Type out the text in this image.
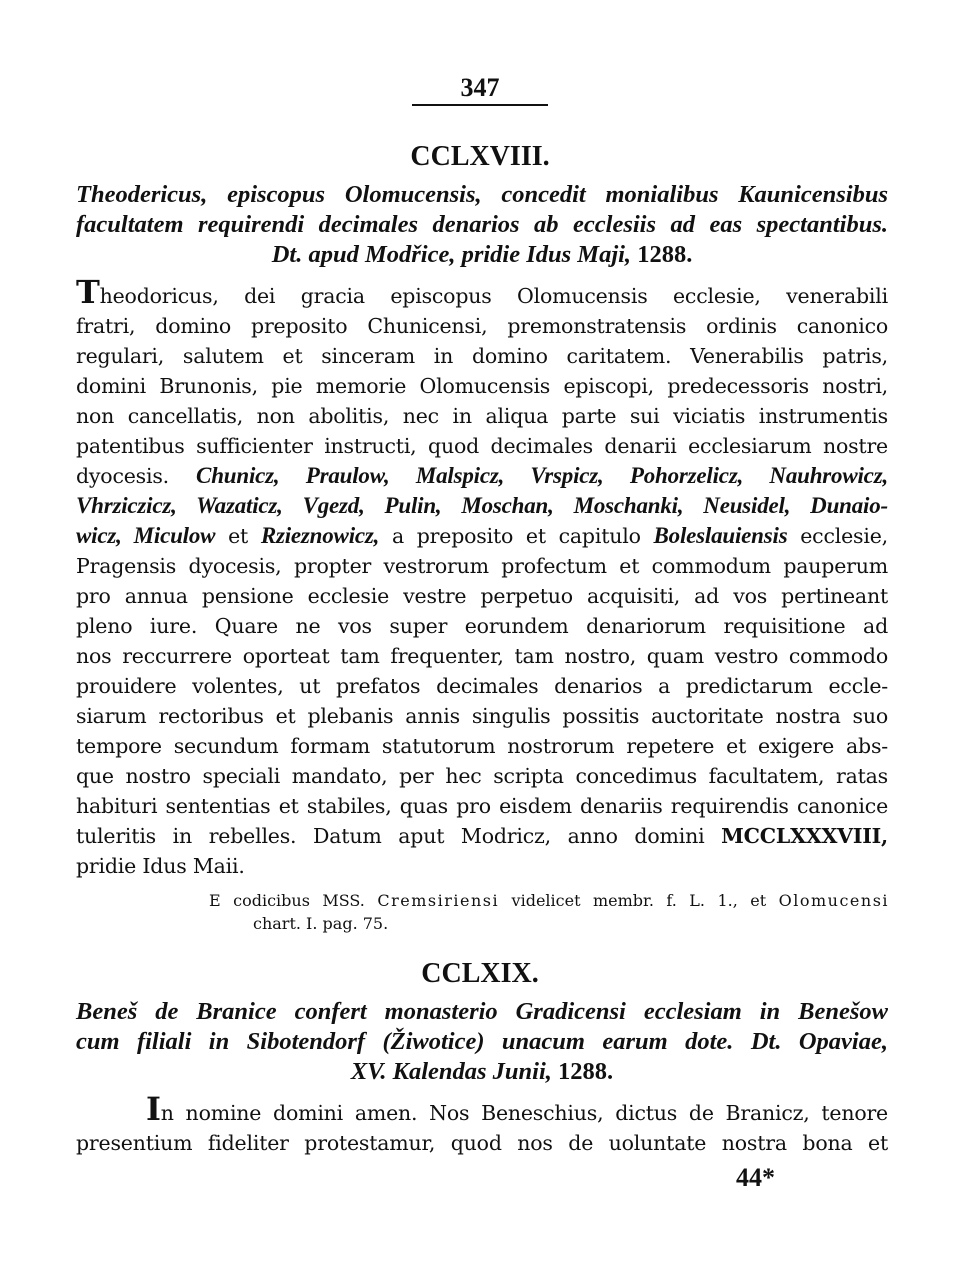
347
CCLXVIII.
Theodericus, episcopus Olomucensis, concedit monialibus Kaunicensibus
facultatem requirendi decimales denarios ab ecclesiis ad eas spectantibus.
Dt. apud Modřice, pridie Idus Maji, 1288.
Theodoricus, dei gracia episcopus Olomucensis ecclesie, venerabili
fratri, domino preposito Chunicensi, premonstratensis ordinis canonico
regulari, salutem et sinceram in domino caritatem. Venerabilis patris,
domini Brunonis, pie memorie Olomucensis episcopi, predecessoris nostri,
non cancellatis, non abolitis, nec in aliqua parte sui viciatis instrumentis
patentibus sufficienter instructi, quod decimales denarii ecclesiarum nostre
dyocesis. Chunicz, Praulow, Malspicz, Vrspicz, Pohorzelicz, Nauhrowicz,
Vhrziczicz, Wazaticz, Vgezd, Pulin, Moschan, Moschanki, Neusidel, Dunaio-
wicz, Miculow et Rzieznowicz, a preposito et capitulo Boleslauiensis ecclesie,
Pragensis dyocesis, propter vestrorum profectum et commodum pauperum
pro annua pensione ecclesie vestre perpetuo acquisiti, ad vos pertineant
pleno iure. Quare ne vos super eorundem denariorum requisitione ad
nos reccurrere oporteat tam frequenter, tam nostro, quam vestro commodo
prouidere volentes, ut prefatos decimales denarios a predictarum eccle-
siarum rectoribus et plebanis annis singulis possitis auctoritate nostra suo
tempore secundum formam statutorum nostrorum repetere et exigere abs-
que nostro speciali mandato, per hec scripta concedimus facultatem, ratas
habituri sententias et stabiles, quas pro eisdem denariis requirendis canonice
tuleritis in rebelles. Datum aput Modricz, anno domini MCCLXXXVIII,
pridie Idus Maii.
E codicibus MSS. Cremsiriensi videlicet membr. f. L. 1., et Olomucensi
chart. I. pag. 75.
CCLXIX.
Beneš de Branice confert monasterio Gradicensi ecclesiam in Benešow
cum filiali in Sibotendorf (Žiwotice) unacum earum dote. Dt. Opaviae,
XV. Kalendas Junii, 1288.
In nomine domini amen. Nos Beneschius, dictus de Branicz, tenore
presentium fideliter protestamur, quod nos de uoluntate nostra bona et
44*
